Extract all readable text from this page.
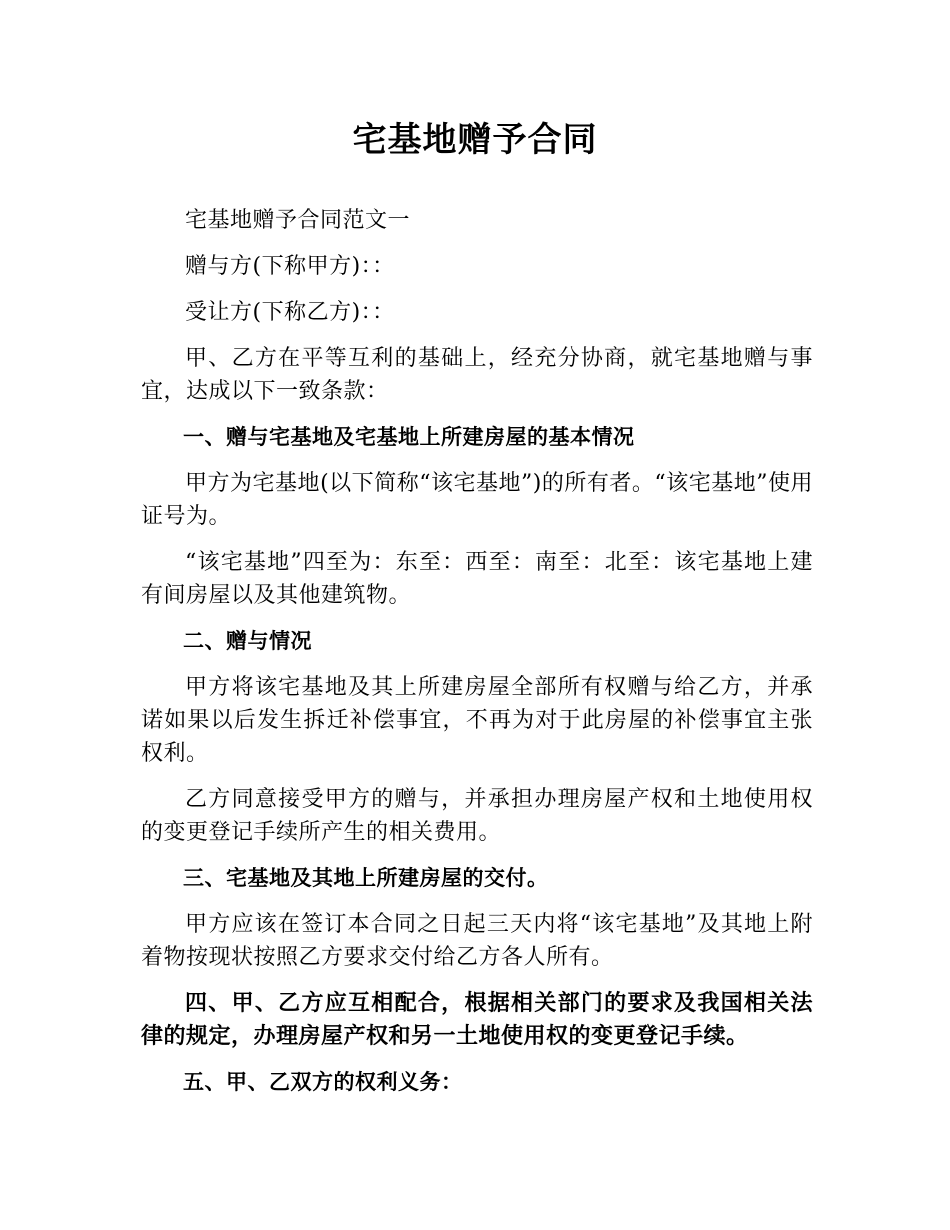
宅基地赠予合同

宅基地赠予合同范文一

赠与方(下称甲方)：：

受让方(下称乙方)：：

甲、乙方在平等互利的基础上，经充分协商，就宅基地赠与事宜，达成以下一致条款：

一、赠与宅基地及宅基地上所建房屋的基本情况

甲方为宅基地(以下简称“该宅基地”)的所有者。“该宅基地”使用证号为。

“该宅基地”四至为：东至：西至：南至：北至：该宅基地上建有间房屋以及其他建筑物。

二、赠与情况

甲方将该宅基地及其上所建房屋全部所有权赠与给乙方，并承诺如果以后发生拆迁补偿事宜，不再为对于此房屋的补偿事宜主张权利。

乙方同意接受甲方的赠与，并承担办理房屋产权和土地使用权的变更登记手续所产生的相关费用。

三、宅基地及其地上所建房屋的交付。

甲方应该在签订本合同之日起三天内将“该宅基地”及其地上附着物按现状按照乙方要求交付给乙方各人所有。

四、甲、乙方应互相配合，根据相关部门的要求及我国相关法律的规定，办理房屋产权和另一土地使用权的变更登记手续。

五、甲、乙双方的权利义务：
